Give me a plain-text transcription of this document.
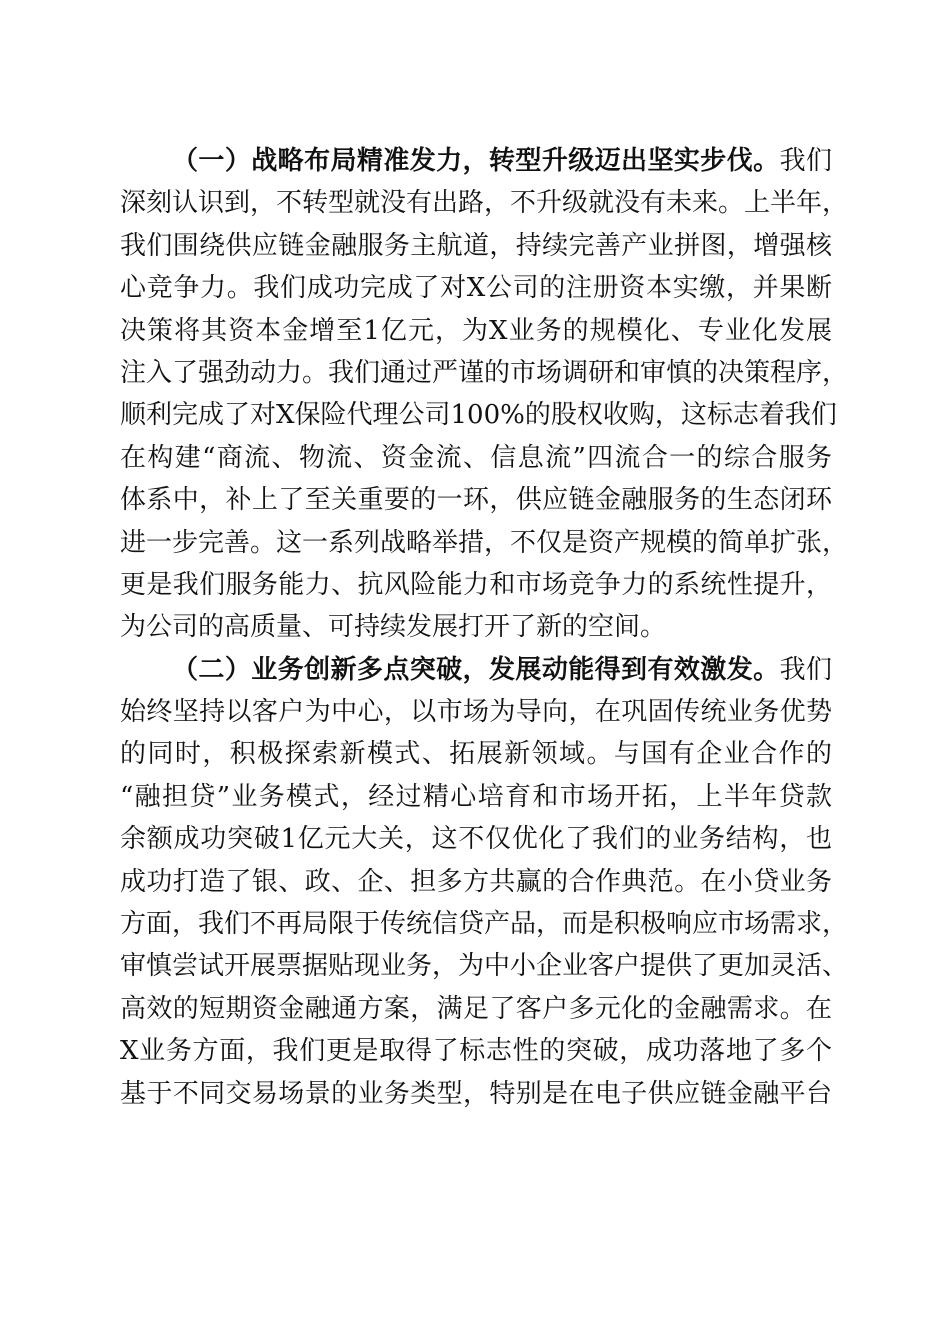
（一）战略布局精准发力，转型升级迈出坚实步伐。我们
深刻认识到，不转型就没有出路，不升级就没有未来。上半年，
我们围绕供应链金融服务主航道，持续完善产业拼图，增强核
心竞争力。我们成功完成了对X公司的注册资本实缴，并果断
决策将其资本金增至1亿元，为X业务的规模化、专业化发展
注入了强劲动力。我们通过严谨的市场调研和审慎的决策程序，
顺利完成了对X保险代理公司100%的股权收购，这标志着我们
在构建“商流、物流、资金流、信息流”四流合一的综合服务
体系中，补上了至关重要的一环，供应链金融服务的生态闭环
进一步完善。这一系列战略举措，不仅是资产规模的简单扩张，
更是我们服务能力、抗风险能力和市场竞争力的系统性提升，
为公司的高质量、可持续发展打开了新的空间。
（二）业务创新多点突破，发展动能得到有效激发。我们
始终坚持以客户为中心，以市场为导向，在巩固传统业务优势
的同时，积极探索新模式、拓展新领域。与国有企业合作的
“融担贷”业务模式，经过精心培育和市场开拓，上半年贷款
余额成功突破1亿元大关，这不仅优化了我们的业务结构，也
成功打造了银、政、企、担多方共赢的合作典范。在小贷业务
方面，我们不再局限于传统信贷产品，而是积极响应市场需求，
审慎尝试开展票据贴现业务，为中小企业客户提供了更加灵活、
高效的短期资金融通方案，满足了客户多元化的金融需求。在
X业务方面，我们更是取得了标志性的突破，成功落地了多个
基于不同交易场景的业务类型，特别是在电子供应链金融平台
